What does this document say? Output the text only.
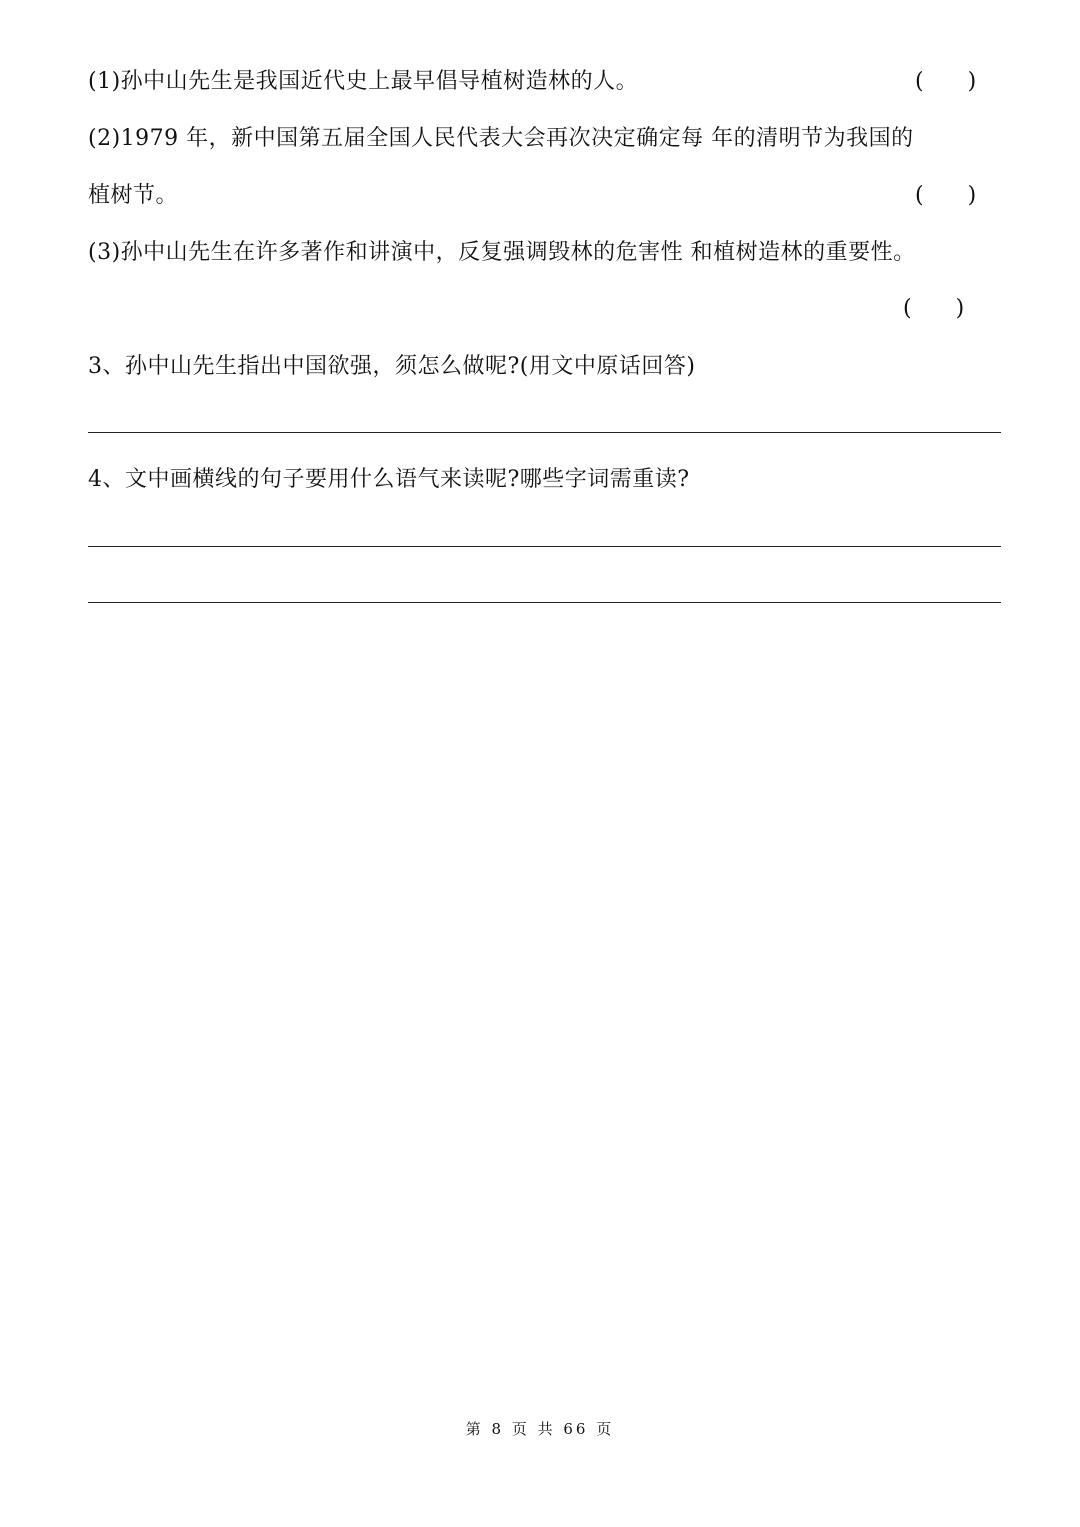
(1)孙中山先生是我国近代史上最早倡导植树造林的人。	(　　)
(2)1979 年，新中国第五届全国人民代表大会再次决定确定每 年的清明节为我国的
植树节。	(　　)
(3)孙中山先生在许多著作和讲演中，反复强调毁林的危害性 和植树造林的重要性。
(　　)
3、孙中山先生指出中国欲强，须怎么做呢?(用文中原话回答)
4、文中画横线的句子要用什么语气来读呢?哪些字词需重读?
第 8 页 共 66 页
